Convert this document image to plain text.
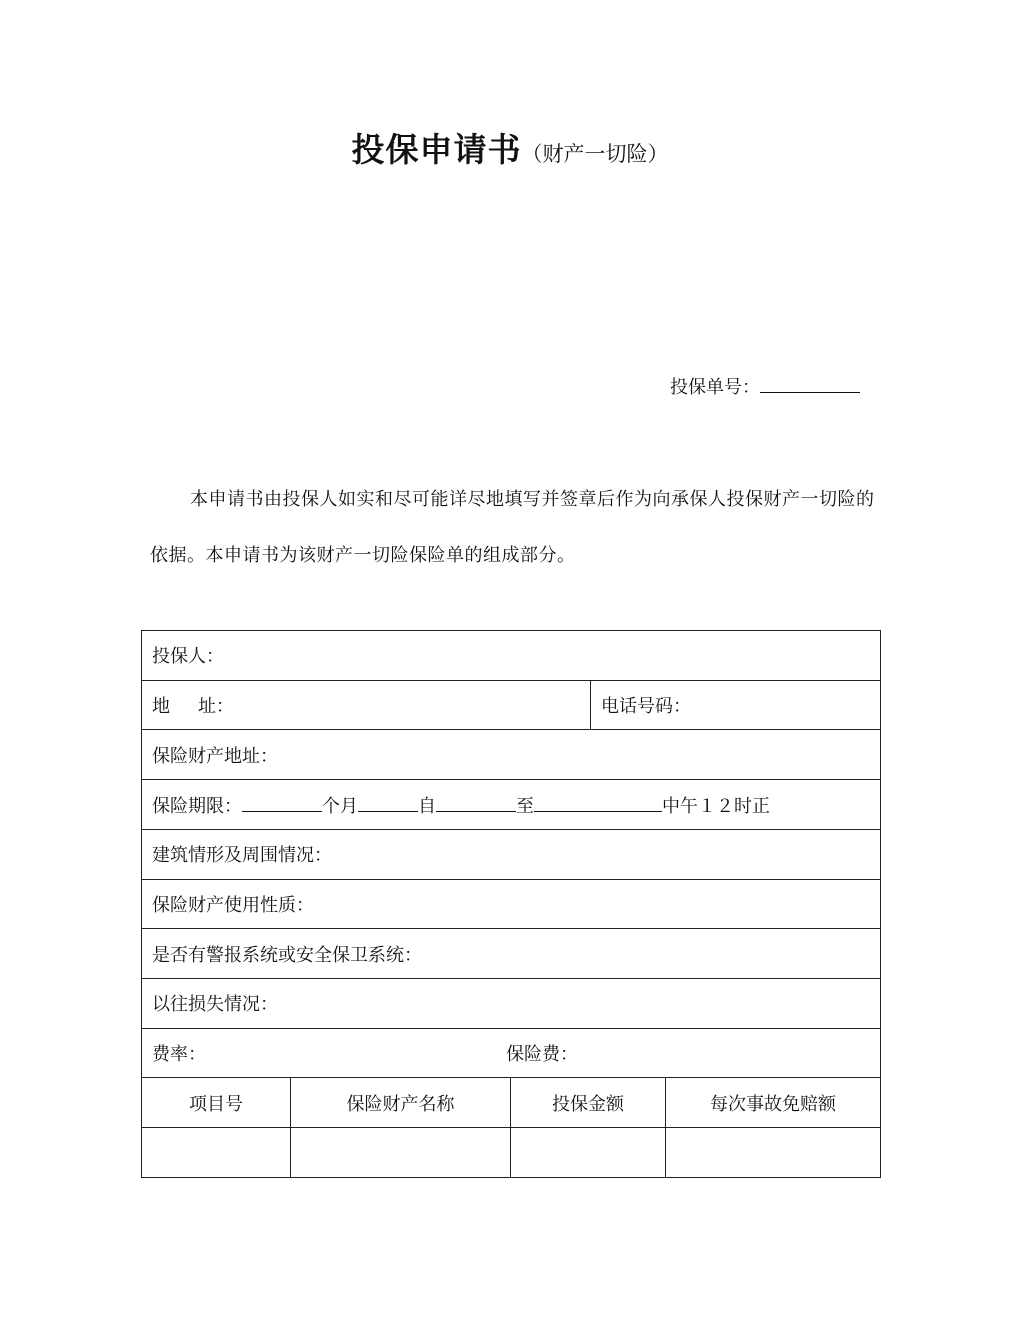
投保申请书（财产一切险）
投保单号：
本申请书由投保人如实和尽可能详尽地填写并签章后作为向承保人投保财产一切险的依据。本申请书为该财产一切险保险单的组成部分。
投保人：				
地 址：			电话号码：	
保险财产地址：				
保险期限： 个月 自 至 中午１２时正				
建筑情形及周围情况：				
保险财产使用性质：				
是否有警报系统或安全保卫系统：				
以往损失情况：				
费率： 保险费：				
项目号	保险财产名称	投保金额		每次事故免赔额
